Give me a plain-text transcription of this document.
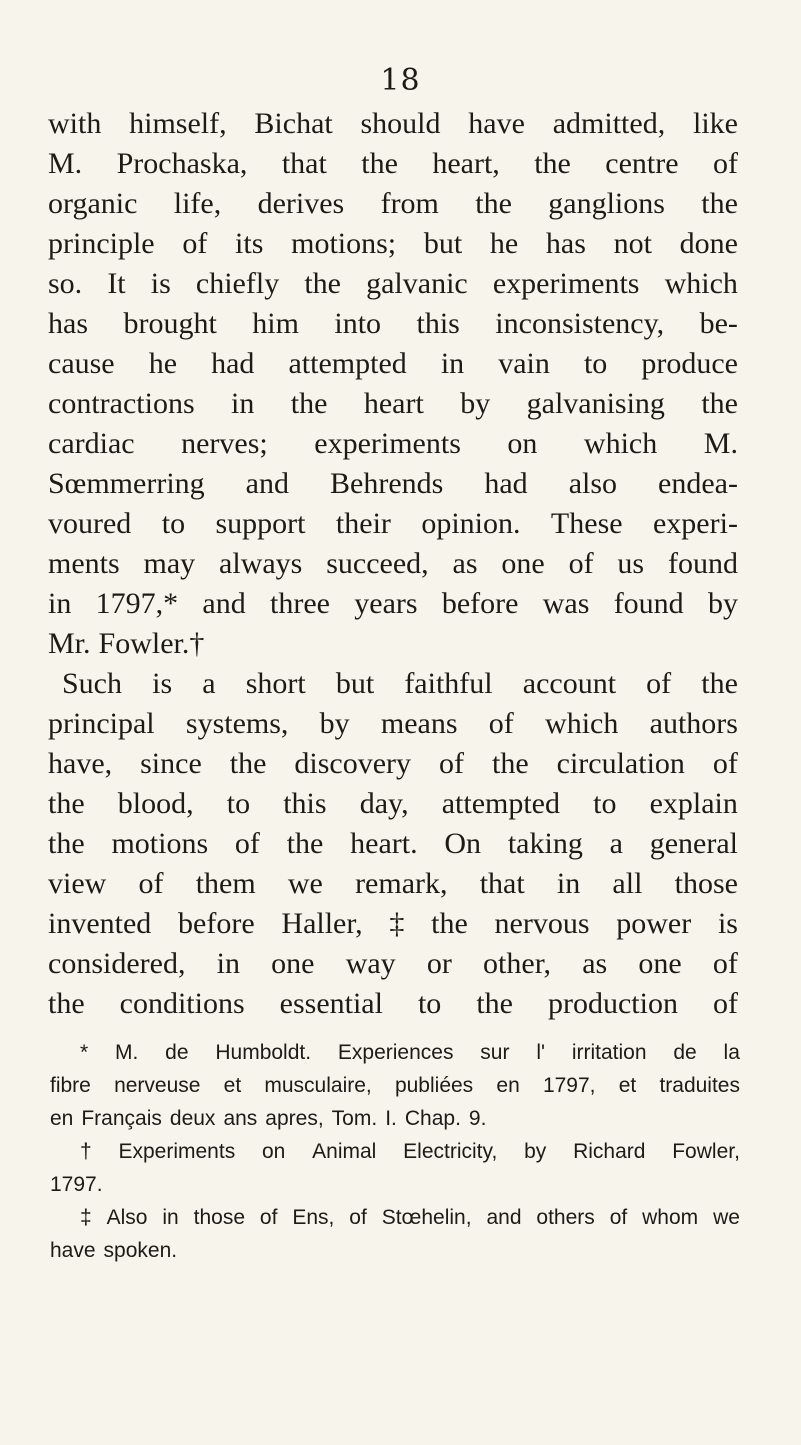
18
with himself, Bichat should have admitted, like
M. Prochaska, that the heart, the centre of
organic life, derives from the ganglions the
principle of its motions; but he has not done
so. It is chiefly the galvanic experiments which
has brought him into this inconsistency, be-
cause he had attempted in vain to produce
contractions in the heart by galvanising the
cardiac nerves; experiments on which M.
Sœmmerring and Behrends had also endea-
voured to support their opinion. These experi-
ments may always succeed, as one of us found
in 1797,* and three years before was found by
Mr. Fowler.†
Such is a short but faithful account of the
principal systems, by means of which authors
have, since the discovery of the circulation of
the blood, to this day, attempted to explain
the motions of the heart. On taking a general
view of them we remark, that in all those
invented before Haller, ‡ the nervous power is
considered, in one way or other, as one of
the conditions essential to the production of
* M. de Humboldt. Experiences sur l' irritation de la
fibre nerveuse et musculaire, publiées en 1797, et traduites
en Français deux ans apres, Tom. I. Chap. 9.
† Experiments on Animal Electricity, by Richard Fowler,
1797.
‡ Also in those of Ens, of Stœhelin, and others of whom we
have spoken.
